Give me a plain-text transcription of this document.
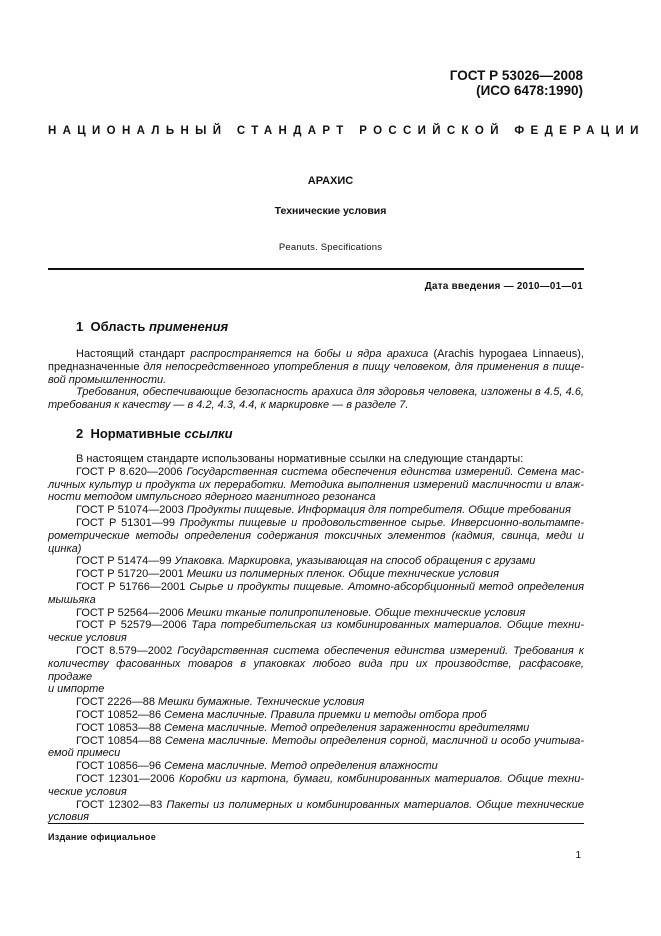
ГОСТ Р 53026—2008
(ИСО 6478:1990)
НАЦИОНАЛЬНЫЙ СТАНДАРТ РОССИЙСКОЙ ФЕДЕРАЦИИ
АРАХИС
Технические условия
Peanuts. Specifications
Дата введения — 2010—01—01
1 Область применения

Настоящий стандарт распространяется на бобы и ядра арахиса (Arachis hypogaea Linnaeus),

предназначенные для непосредственного употребления в пищу человеком, для применения в пище-

вой промышленности.

Требования, обеспечивающие безопасность арахиса для здоровья человека, изложены в 4.5, 4.6,

требования к качеству — в 4.2, 4.3, 4.4, к маркировке — в разделе 7.

2 Нормативные ссылки

В настоящем стандарте использованы нормативные ссылки на следующие стандарты:

ГОСТ Р 8.620—2006 Государственная система обеспечения единства измерений. Семена мас-

личных культур и продукта их переработки. Методика выполнения измерений масличности и влаж-

ности методом импульсного ядерного магнитного резонанса

ГОСТ Р 51074—2003 Продукты пищевые. Информация для потребителя. Общие требования

ГОСТ Р 51301—99 Продукты пищевые и продовольственное сырье. Инверсионно-вольтампе-

рометрические методы определения содержания токсичных элементов (кадмия, свинца, меди и

цинка)

ГОСТ Р 51474—99 Упаковка. Маркировка, указывающая на способ обращения с грузами

ГОСТ Р 51720—2001 Мешки из полимерных пленок. Общие технические условия

ГОСТ Р 51766—2001 Сырье и продукты пищевые. Атомно-абсорбционный метод определения

мышьяка

ГОСТ Р 52564—2006 Мешки тканые полипропиленовые. Общие технические условия

ГОСТ Р 52579—2006 Тара потребительская из комбинированных материалов. Общие техни-

ческие условия

ГОСТ 8.579—2002 Государственная система обеспечения единства измерений. Требования к

количеству фасованных товаров в упаковках любого вида при их производстве, расфасовке, продаже

и импорте

ГОСТ 2226—88 Мешки бумажные. Технические условия

ГОСТ 10852—86 Семена масличные. Правила приемки и методы отбора проб

ГОСТ 10853—88 Семена масличные. Метод определения зараженности вредителями

ГОСТ 10854—88 Семена масличные. Методы определения сорной, масличной и особо учитыва-

емой примеси

ГОСТ 10856—96 Семена масличные. Метод определения влажности

ГОСТ 12301—2006 Коробки из картона, бумаги, комбинированных материалов. Общие техни-

ческие условия

ГОСТ 12302—83 Пакеты из полимерных и комбинированных материалов. Общие технические

условия

Издание официальное
1
